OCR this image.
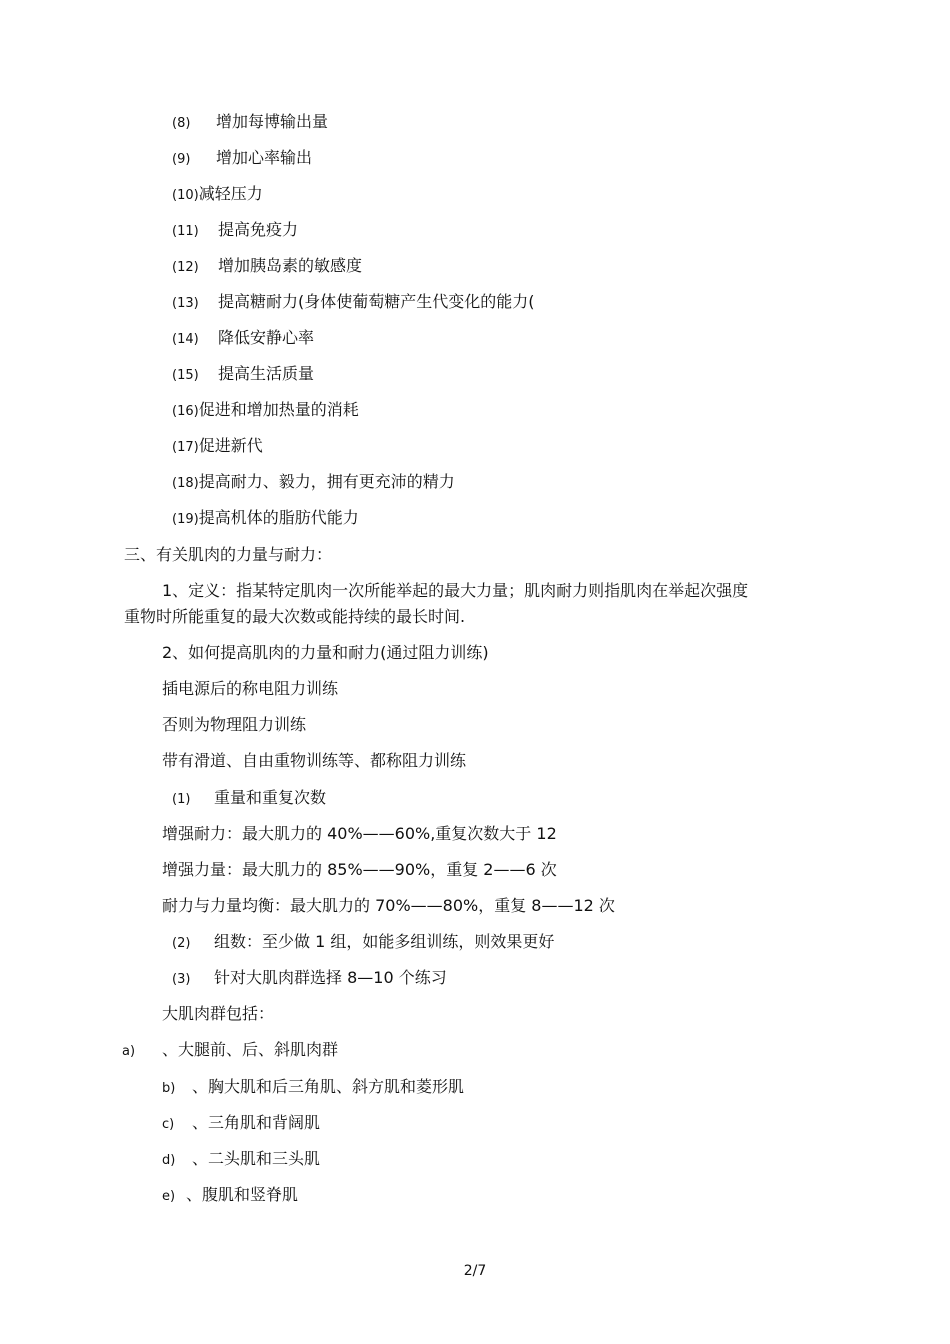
(8) 增加每博输出量
(9) 增加心率输出
(10)减轻压力
(11) 提高免疫力
(12) 增加胰岛素的敏感度
(13) 提高糖耐力(身体使葡萄糖产生代变化的能力(
(14) 降低安静心率
(15) 提高生活质量
(16)促进和增加热量的消耗
(17)促进新代
(18)提高耐力、毅力，拥有更充沛的精力
(19)提高机体的脂肪代能力
三、有关肌肉的力量与耐力：
1、定义：指某特定肌肉一次所能举起的最大力量；肌肉耐力则指肌肉在举起次强度
重物时所能重复的最大次数或能持续的最长时间.
2、如何提高肌肉的力量和耐力(通过阻力训练)
插电源后的称电阻力训练
否则为物理阻力训练
带有滑道、自由重物训练等、都称阻力训练
(1) 重量和重复次数
增强耐力：最大肌力的 40%——60%,重复次数大于 12
增强力量：最大肌力的 85%——90%，重复 2——6 次
耐力与力量均衡：最大肌力的 70%——80%，重复 8——12 次
(2) 组数：至少做 1 组，如能多组训练，则效果更好
(3) 针对大肌肉群选择 8—10 个练习
大肌肉群包括：
a) 、大腿前、后、斜肌肉群
b) 、胸大肌和后三角肌、斜方肌和菱形肌
c) 、三角肌和背阔肌
d) 、二头肌和三头肌
e) 、腹肌和竖脊肌
2/7
